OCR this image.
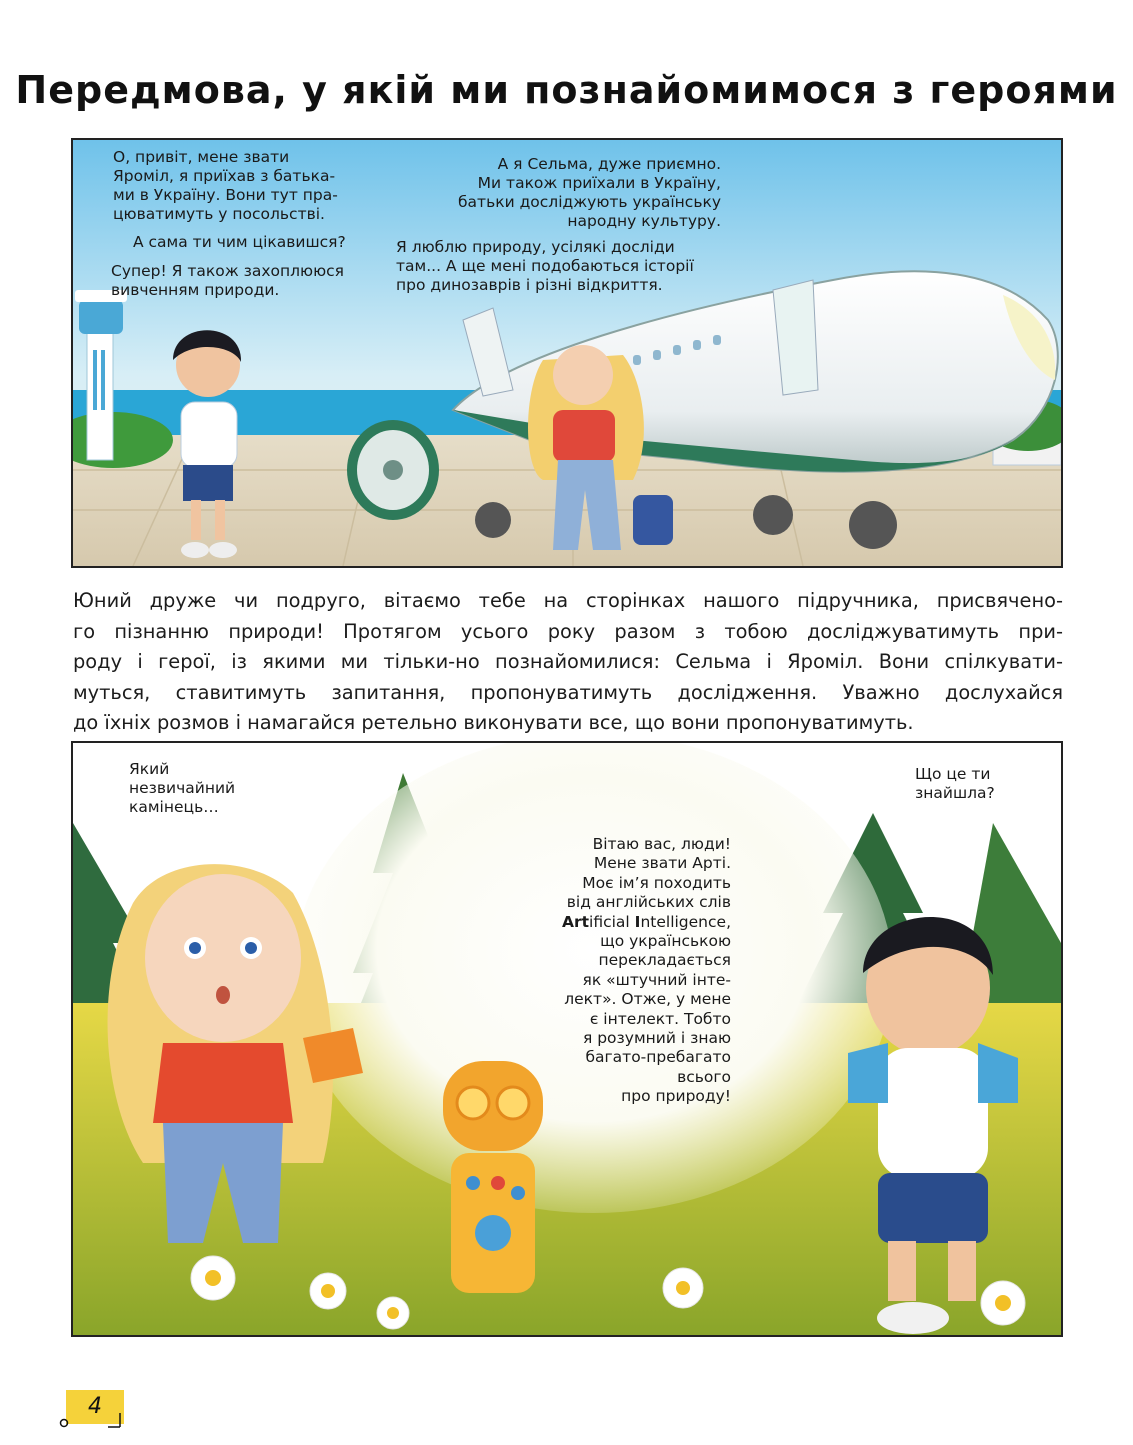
Передмова, у якій ми познайомимося з героями

О, привіт, мене звати
Яроміл, я приїхав з батька-
ми в Україну. Вони тут пра-
цюватимуть у посольстві.

А сама ти чим цікавишся?

Супер! Я також захоплююся
вивченням природи.

А я Сельма, дуже приємно.
Ми також приїхали в Україну,
батьки досліджують українську
народну культуру.

Я люблю природу, усілякі досліди
там... А ще мені подобаються історії
про динозаврів і різні відкриття.

Юний друже чи подруго, вітаємо тебе на сторінках нашого підручника, присвячено-
го пізнанню природи! Протягом усього року разом з тобою досліджуватимуть при-
роду і герої, із якими ми тільки-но познайомилися: Сельма і Яроміл. Вони спілкувати-
муться, ставитимуть запитання, пропонуватимуть дослідження. Уважно дослухайся
до їхніх розмов і намагайся ретельно виконувати все, що вони пропонуватимуть.

Який
незвичайний
камінець…

Що це ти
знайшла?

Вітаю вас, люди!
Мене звати Арті.
Моє ім’я походить
від англійських слів
Artificial Intelligence,
що українською
перекладається
як «штучний інте-
лект». Отже, у мене
є інтелект. Тобто
я розумний і знаю
багато-пребагато
всього
про природу!

4
